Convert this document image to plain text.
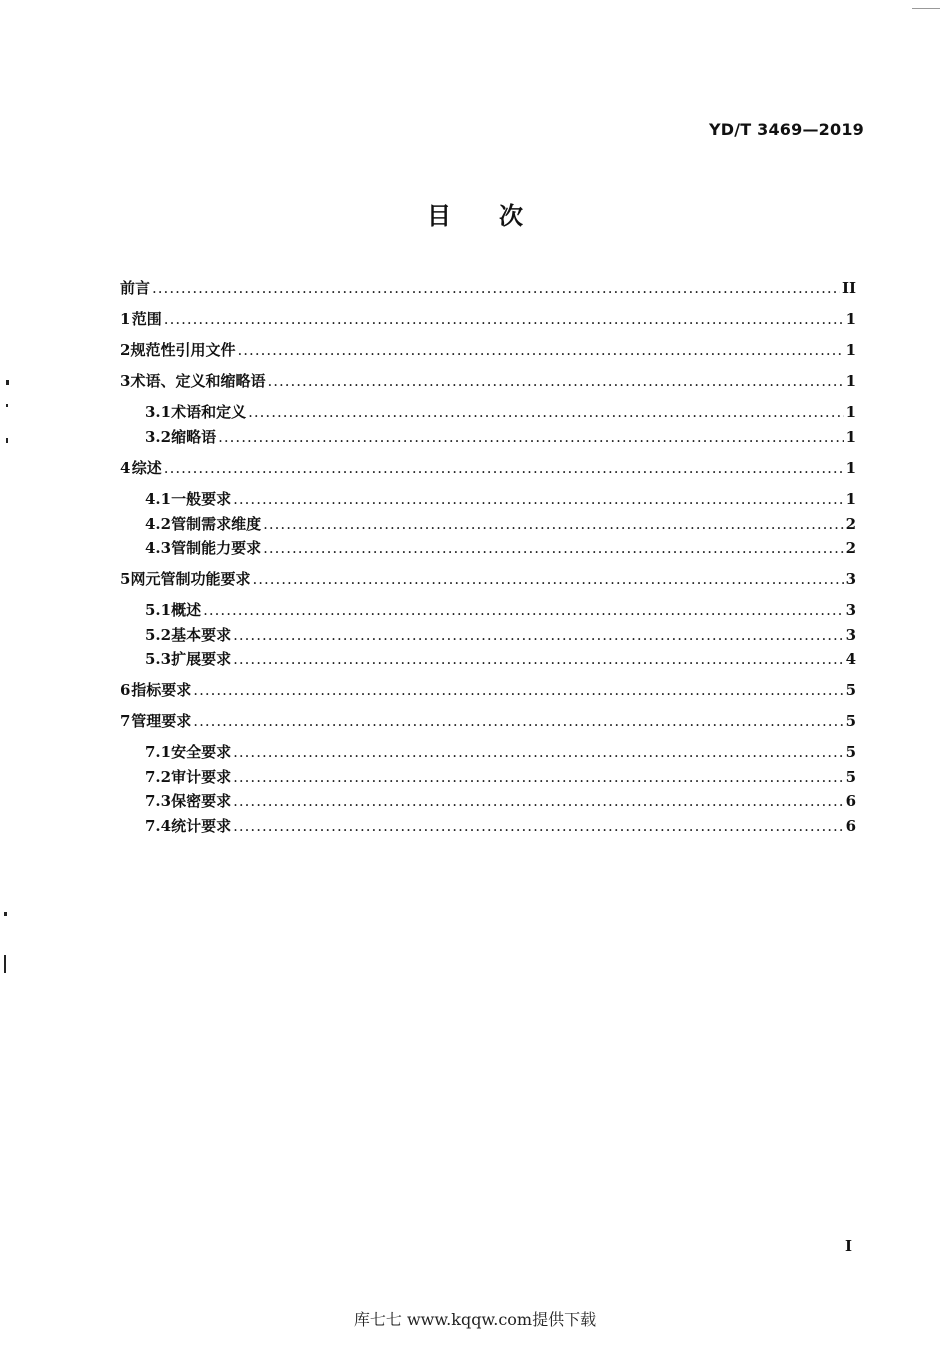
YD/T 3469—2019
目次
前言 .....	II
1 范围 .....	1
2 规范性引用文件 .....	1
3 术语、定义和缩略语 .....	1
3.1 术语和定义 .....	1
3.2 缩略语 .....	1
4 综述 .....	1
4.1 一般要求 .....	1
4.2 管制需求维度 .....	2
4.3 管制能力要求 .....	2
5 网元管制功能要求 .....	3
5.1 概述 .....	3
5.2 基本要求 .....	3
5.3 扩展要求 .....	4
6 指标要求 .....	5
7 管理要求 .....	5
7.1 安全要求 .....	5
7.2 审计要求 .....	5
7.3 保密要求 .....	6
7.4 统计要求 .....	6
I
库七七 www.kqqw.com提供下载
